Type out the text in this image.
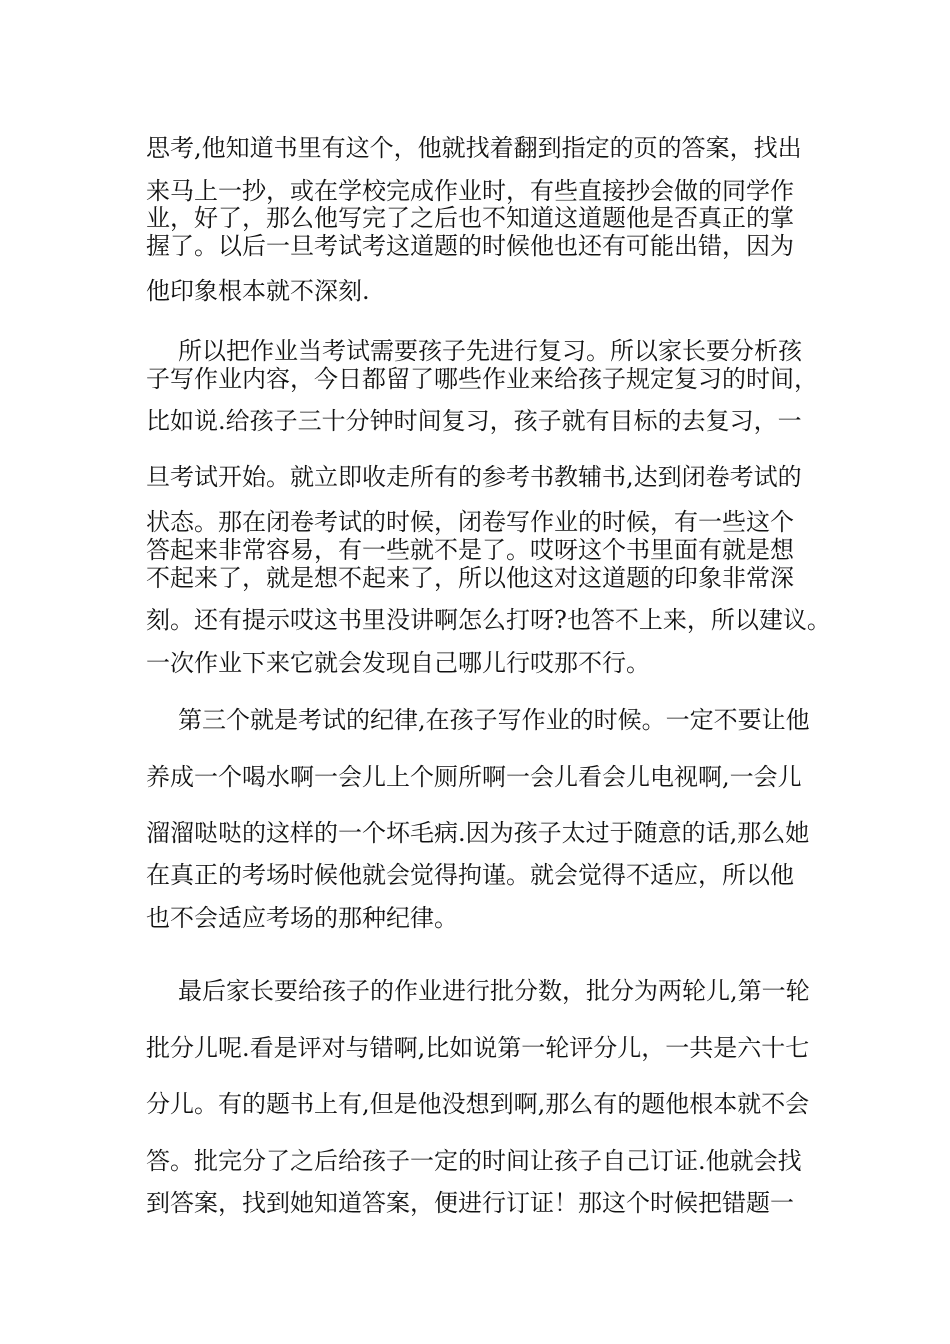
思考,他知道书里有这个，他就找着翻到指定的页的答案，找出

来马上一抄，或在学校完成作业时，有些直接抄会做的同学作

业，好了，那么他写完了之后也不知道这道题他是否真正的掌

握了。以后一旦考试考这道题的时候他也还有可能出错，因为

他印象根本就不深刻.

所以把作业当考试需要孩子先进行复习。所以家长要分析孩

子写作业内容，今日都留了哪些作业来给孩子规定复习的时间，

比如说.给孩子三十分钟时间复习，孩子就有目标的去复习，一

旦考试开始。就立即收走所有的参考书教辅书,达到闭卷考试的

状态。那在闭卷考试的时候，闭卷写作业的时候，有一些这个

答起来非常容易，有一些就不是了。哎呀这个书里面有就是想

不起来了，就是想不起来了，所以他这对这道题的印象非常深

刻。还有提示哎这书里没讲啊怎么打呀?也答不上来，所以建议。

一次作业下来它就会发现自己哪儿行哎那不行。

第三个就是考试的纪律,在孩子写作业的时候。一定不要让他

养成一个喝水啊一会儿上个厕所啊一会儿看会儿电视啊,一会儿

溜溜哒哒的这样的一个坏毛病.因为孩子太过于随意的话,那么她

在真正的考场时候他就会觉得拘谨。就会觉得不适应，所以他

也不会适应考场的那种纪律。

最后家长要给孩子的作业进行批分数，批分为两轮儿,第一轮

批分儿呢.看是评对与错啊,比如说第一轮评分儿，一共是六十七

分儿。有的题书上有,但是他没想到啊,那么有的题他根本就不会

答。批完分了之后给孩子一定的时间让孩子自己订证.他就会找

到答案，找到她知道答案，便进行订证！那这个时候把错题一
